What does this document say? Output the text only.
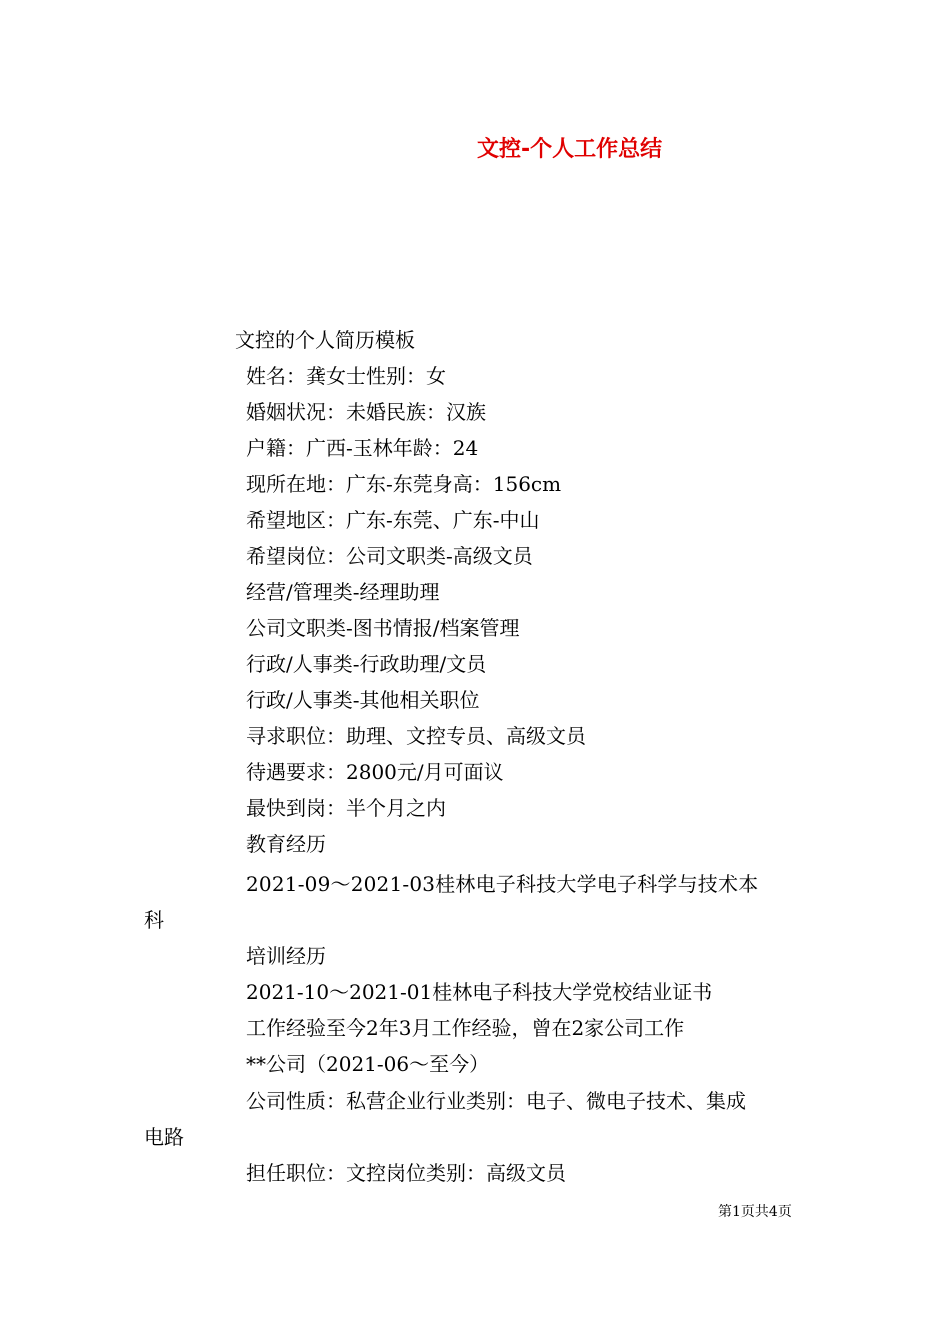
文控-个人工作总结
文控的个人简历模板
姓名：龚女士性别：女
婚姻状况：未婚民族：汉族
户籍：广西-玉林年龄：24
现所在地：广东-东莞身高：156cm
希望地区：广东-东莞、广东-中山
希望岗位：公司文职类-高级文员
经营/管理类-经理助理
公司文职类-图书情报/档案管理
行政/人事类-行政助理/文员
行政/人事类-其他相关职位
寻求职位：助理、文控专员、高级文员
待遇要求：2800元/月可面议
最快到岗：半个月之内
教育经历
2021-09～2021-03桂林电子科技大学电子科学与技术本
科
培训经历
2021-10～2021-01桂林电子科技大学党校结业证书
工作经验至今2年3月工作经验，曾在2家公司工作
**公司（2021-06～至今）
公司性质：私营企业行业类别：电子、微电子技术、集成
电路
担任职位：文控岗位类别：高级文员
第1页共4页
